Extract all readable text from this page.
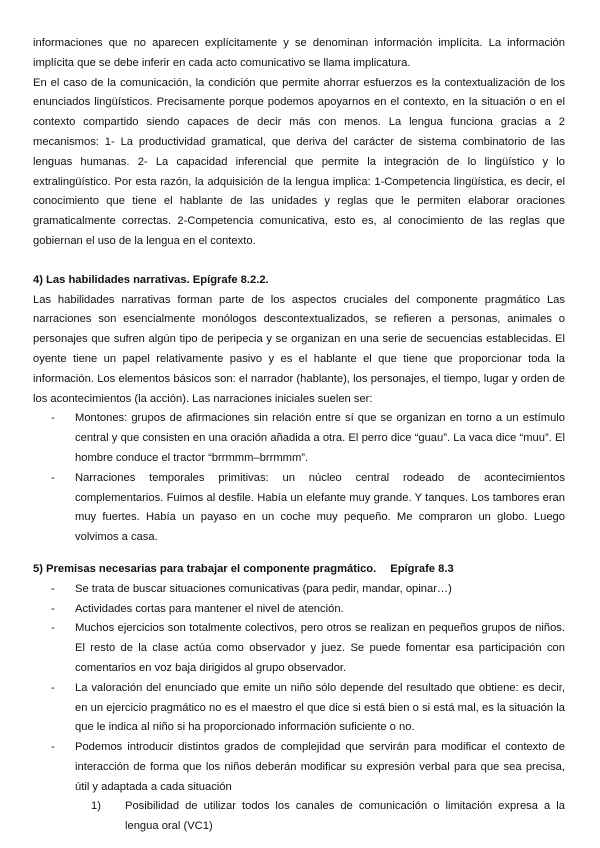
informaciones que no aparecen explícitamente y se denominan información implícita. La información implícita que se debe inferir en cada acto comunicativo se llama implicatura.

En el caso de la comunicación, la condición que permite ahorrar esfuerzos es la contextualización de los enunciados lingüísticos. Precisamente porque podemos apoyarnos en el contexto, en la situación o en el contexto compartido siendo capaces de decir más con menos. La lengua funciona gracias a 2 mecanismos: 1- La productividad gramatical, que deriva del carácter de sistema combinatorio de las lenguas humanas. 2- La capacidad inferencial que permite la integración de lo lingüístico y lo extralingüístico. Por esta razón, la adquisición de la lengua implica: 1-Competencia lingüística, es decir, el conocimiento que tiene el hablante de las unidades y reglas que le permiten elaborar oraciones gramaticalmente correctas. 2-Competencia comunicativa, esto es, al conocimiento de las reglas que gobiernan el uso de la lengua en el contexto.

4) Las habilidades narrativas. Epígrafe 8.2.2.

Las habilidades narrativas forman parte de los aspectos cruciales del componente pragmático Las narraciones son esencialmente monólogos descontextualizados, se refieren a personas, animales o personajes que sufren algún tipo de peripecia y se organizan en una serie de secuencias establecidas. El oyente tiene un papel relativamente pasivo y es el hablante el que tiene que proporcionar toda la información. Los elementos básicos son: el narrador (hablante), los personajes, el tiempo, lugar y orden de los acontecimientos (la acción). Las narraciones iniciales suelen ser:

- Montones: grupos de afirmaciones sin relación entre sí que se organizan en torno a un estímulo central y que consisten en una oración añadida a otra. El perro dice “guau”. La vaca dice “muu”. El hombre conduce el tractor “brrmmm–brrmmm”.
- Narraciones temporales primitivas: un núcleo central rodeado de acontecimientos complementarios. Fuimos al desfile. Había un elefante muy grande. Y tanques. Los tambores eran muy fuertes. Había un payaso en un coche muy pequeño. Me compraron un globo. Luego volvimos a casa.
5) Premisas necesarias para trabajar el componente pragmático. Epígrafe 8.3
- Se trata de buscar situaciones comunicativas (para pedir, mandar, opinar…)
- Actividades cortas para mantener el nivel de atención.
- Muchos ejercicios son totalmente colectivos, pero otros se realizan en pequeños grupos de niños. El resto de la clase actúa como observador y juez. Se puede fomentar esa participación con comentarios en voz baja dirigidos al grupo observador.
- La valoración del enunciado que emite un niño sólo depende del resultado que obtiene: es decir, en un ejercicio pragmático no es el maestro el que dice si está bien o si está mal, es la situación la que le indica al niño si ha proporcionado información suficiente o no.
- Podemos introducir distintos grados de complejidad que servirán para modificar el contexto de interacción de forma que los niños deberán modificar su expresión verbal para que sea precisa, útil y adaptada a cada situación
1) Posibilidad de utilizar todos los canales de comunicación o limitación expresa a la lengua oral (VC1)
